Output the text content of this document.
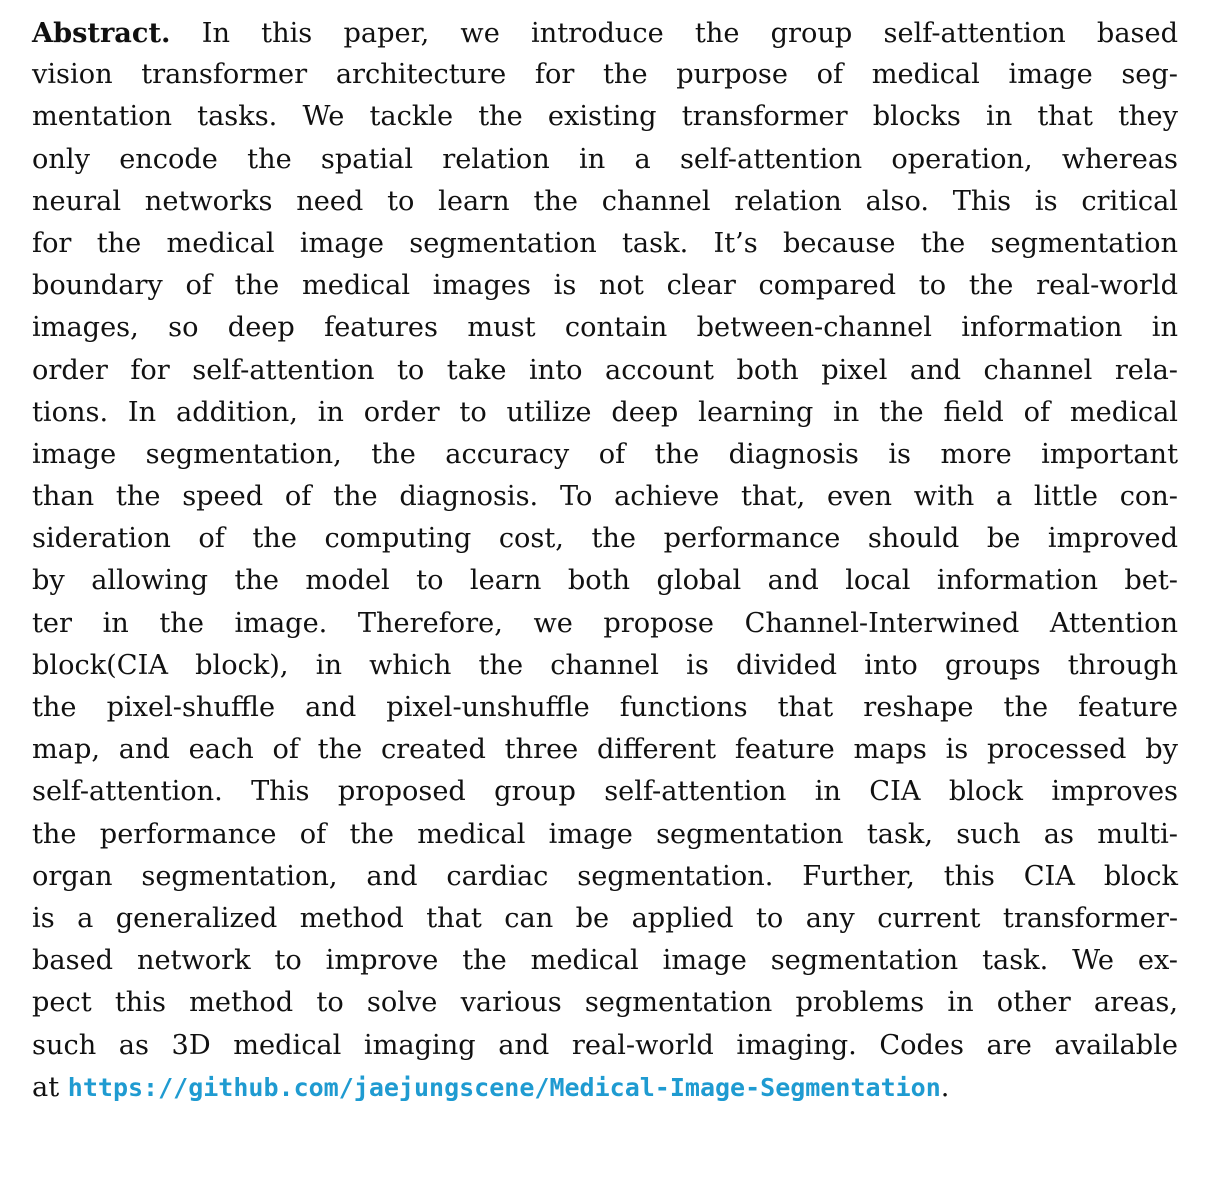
Abstract. In this paper, we introduce the group self-attention based
vision transformer architecture for the purpose of medical image seg-
mentation tasks. We tackle the existing transformer blocks in that they
only encode the spatial relation in a self-attention operation, whereas
neural networks need to learn the channel relation also. This is critical
for the medical image segmentation task. It’s because the segmentation
boundary of the medical images is not clear compared to the real-world
images, so deep features must contain between-channel information in
order for self-attention to take into account both pixel and channel rela-
tions. In addition, in order to utilize deep learning in the field of medical
image segmentation, the accuracy of the diagnosis is more important
than the speed of the diagnosis. To achieve that, even with a little con-
sideration of the computing cost, the performance should be improved
by allowing the model to learn both global and local information bet-
ter in the image. Therefore, we propose Channel-Interwined Attention
block(CIA block), in which the channel is divided into groups through
the pixel-shuffle and pixel-unshuffle functions that reshape the feature
map, and each of the created three different feature maps is processed by
self-attention. This proposed group self-attention in CIA block improves
the performance of the medical image segmentation task, such as multi-
organ segmentation, and cardiac segmentation. Further, this CIA block
is a generalized method that can be applied to any current transformer-
based network to improve the medical image segmentation task. We ex-
pect this method to solve various segmentation problems in other areas,
such as 3D medical imaging and real-world imaging. Codes are available
at https://github.com/jaejungscene/Medical-Image-Segmentation.
